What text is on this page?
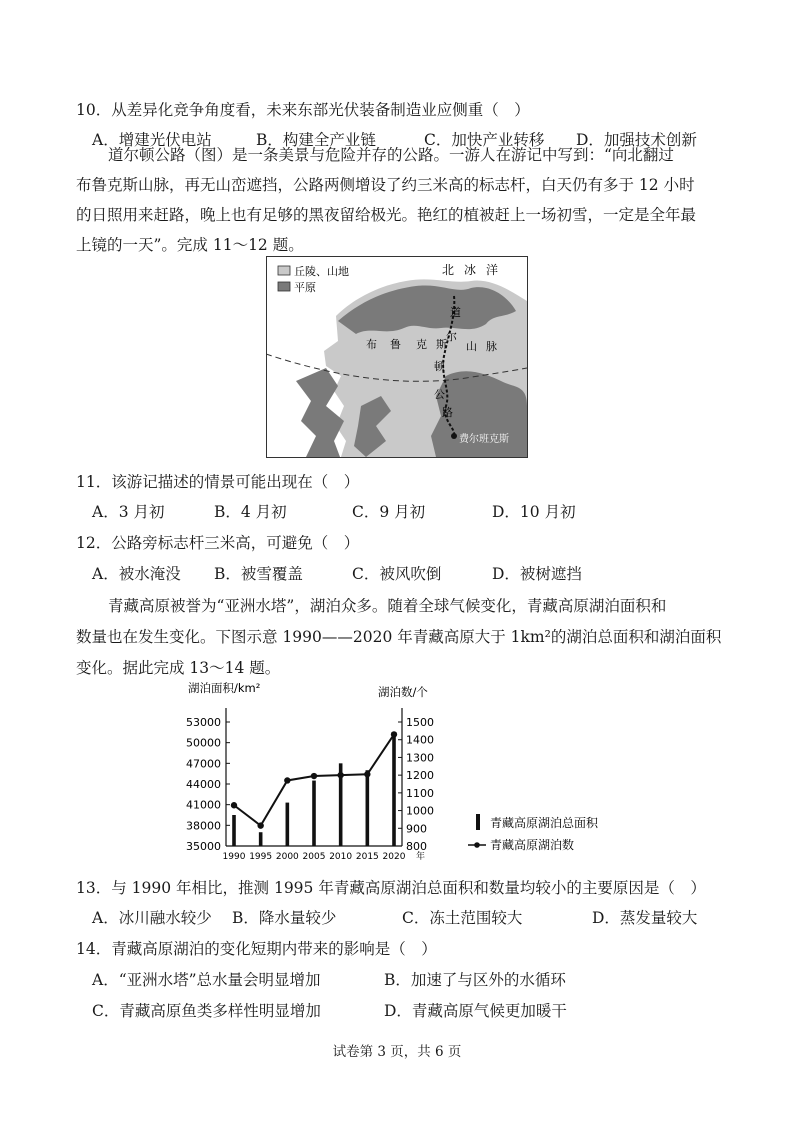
10．从差异化竞争角度看，未来东部光伏装备制造业应侧重（　）
A．增建光伏电站	B．构建全产业链	C．加快产业转移 D．加强技术创新
道尔顿公路（图）是一条美景与危险并存的公路。一游人在游记中写到：“向北翻过
布鲁克斯山脉，再无山峦遮挡，公路两侧增设了约三米高的标志杆，白天仍有多于 12 小时
的日照用来赶路，晚上也有足够的黑夜留给极光。艳红的植被赶上一场初雪，一定是全年最
丘陵、山地
平原
北冰洋
布 鲁 克 斯 山 脉
道
尔
顿
公
路
费尔班克斯
11．该游记描述的情景可能出现在（　）
A．3 月初	B．4 月初	C．9 月初	D．10 月初
12．公路旁标志杆三米高，可避免（　）
A．被水淹没 B．被雪覆盖	C．被风吹倒	D．被树遮挡
青藏高原被誉为“亚洲水塔”，湖泊众多。随着全球气候变化，青藏高原湖泊面积和
数量也在发生变化。下图示意 1990——2020 年青藏高原大于 1km²的湖泊总面积和湖泊面积
变化。据此完成 13～14 题。
湖泊面积/km²	湖泊数/个
53000
50000
47000
44000
41000
38000
35000
1500
1400
1300
1200
1100
1000
900
800
1990 1995 2000 2005 2010 2015 2020 年
青藏高原湖泊总面积
青藏高原湖泊数
13．与 1990 年相比，推测 1995 年青藏高原湖泊总面积和数量均较小的主要原因是（　）
A．冰川融水较少 B．降水量较少	C．冻土范围较大	D．蒸发量较大
14．青藏高原湖泊的变化短期内带来的影响是（　）
A．“亚洲水塔”总水量会明显增加	B．加速了与区外的水循环
C．青藏高原鱼类多样性明显增加	D．青藏高原气候更加暖干
试卷第 3 页，共 6 页
上镜的一天”。完成 11～12 题。
